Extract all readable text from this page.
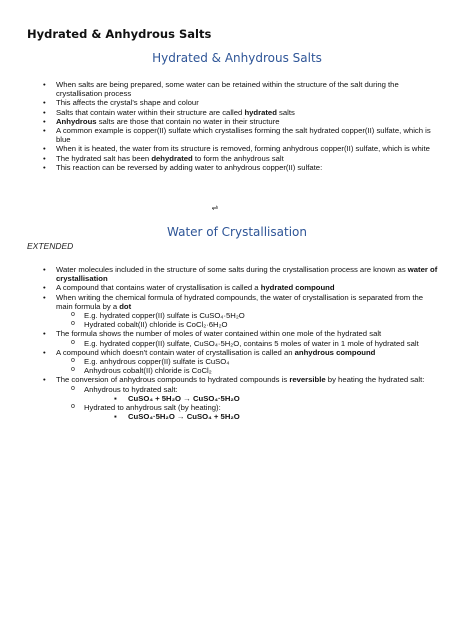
Hydrated & Anhydrous Salts
Hydrated & Anhydrous Salts
• When salts are being prepared, some water can be retained within the structure of the salt during the crystallisation process
• This affects the crystal's shape and colour
• Salts that contain water within their structure are called hydrated salts
• Anhydrous salts are those that contain no water in their structure
• A common example is copper(II) sulfate which crystallises forming the salt hydrated copper(II) sulfate, which is blue
• When it is heated, the water from its structure is removed, forming anhydrous copper(II) sulfate, which is white
• The hydrated salt has been dehydrated to form the anhydrous salt
• This reaction can be reversed by adding water to anhydrous copper(II) sulfate:
⇌
Water of Crystallisation
EXTENDED
• Water molecules included in the structure of some salts during the crystallisation process are known as water of crystallisation
• A compound that contains water of crystallisation is called a hydrated compound
• When writing the chemical formula of hydrated compounds, the water of crystallisation is separated from the main formula by a dot
o E.g. hydrated copper(II) sulfate is CuSO₄·5H₂O
o Hydrated cobalt(II) chloride is CoCl₂·6H₂O
• The formula shows the number of moles of water contained within one mole of the hydrated salt
o E.g. hydrated copper(II) sulfate, CuSO₄·5H₂O, contains 5 moles of water in 1 mole of hydrated salt
• A compound which doesn't contain water of crystallisation is called an anhydrous compound
o E.g. anhydrous copper(II) sulfate is CuSO₄
o Anhydrous cobalt(II) chloride is CoCl₂
• The conversion of anhydrous compounds to hydrated compounds is reversible by heating the hydrated salt:
o Anhydrous to hydrated salt:
▪ CuSO₄ + 5H₂O → CuSO₄·5H₂O
o Hydrated to anhydrous salt (by heating):
▪ CuSO₄·5H₂O → CuSO₄ + 5H₂O
